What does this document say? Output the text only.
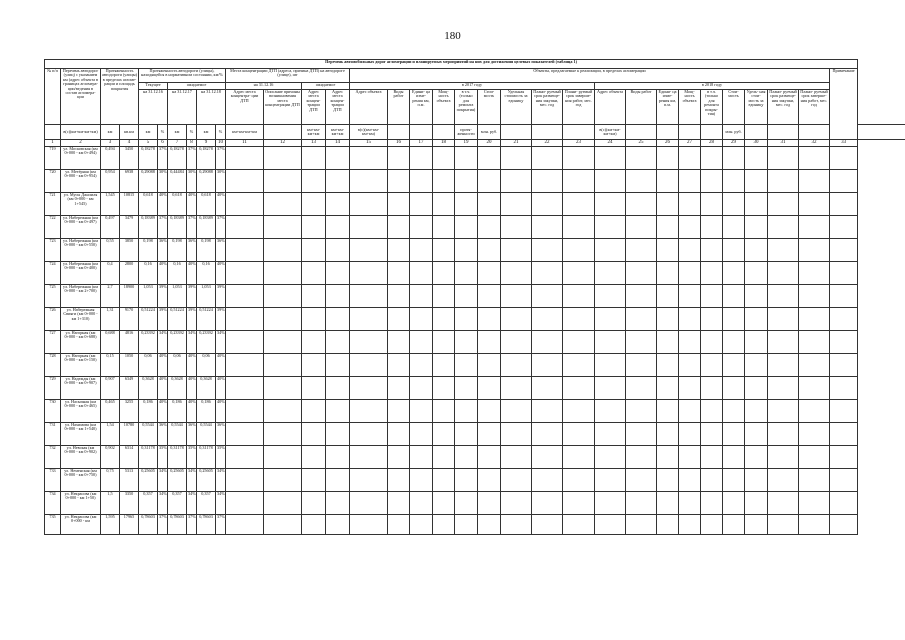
180
Перечень автомобильных дорог агломерации и планируемых мероприятий на них для достижения целевых показателей (таблица 1)																																	
№ п/п	Перечень автодорог (улиц) с указанием км (адрес объекта в границах агломера- ции/ведения в состав агломера- ции	Протяженность автодороги (улицы) в пределах агломе- рации и площадь покрытия		Протяженность автодороги (улицы), находящейся в нормативном состоянии, км/%						Места концентрации ДТП (адреса, причина ДТП) на автодороге (улице), шт				Объекты, предлагаемые к реализации, в пределах агломерации																		Примечание	
				Текущее		ожидаемое				на 31.12.16		ожидаемое		в 2017 году									в 2018 году										
				на 31.12.16		на 31.12.17		на 31.12.18		Адрес места концентра- ции ДТП	Описание причины возникновения места концентрации ДТП	Адрес места концен- трации ДТП	Адрес места концен- трации ДТП	Адрес объекта	Виды работ	Едини- ца изме- рения км, п.м.	Мощ- ность объекта	в т.ч. (только для ремонта покрытия)	Стои- мость	Удельная стоимость за единицу	Плани- руемый срок размеще- ния закупки, мес. год	Плани- руемый срок заверше- ния работ, мес. год	Адрес объекта	Виды работ	Едини- ца изме- рения км, п.м.	Мощ- ность объекта	в т.ч. (только для ремонта покры- тия)	Стои- мость	Удель- ная стои- мость за единицу	Плани- руемый срок размеще- ния закупки, мес. год	Плани- руемый срок заверше- ния работ, мес. год		
	в(с)(км+км-км+км)	км	кв.км	км	%	км	%	км	%	км+км-км+км		км+км-км+км	км+км-км+км	в(с)(км+км- км+км)				протя- женности	млн. руб.				в(с)(км+км- км+км)					млн. руб.					
1	2	3	4	5	6	7	8	9	10	11	12	13	14	15	16	17	18	19	20	21	22	23	24	25	26	27	28	29	30	31	32	33	
719	ул. Московская (км 0+000 - км 0+494)	0,494	3450	0,18278	37%	0,18278	37%	0,18278	37%																								
720	ул. Метёрная (км 0+000 - км 0+954)	0,954	6938	0,29088	30%	0,44484	30%	0,29088	30%																								
721	ул. Мусы Джалиля (км 0+000 - км 1+545)	1,545	10815	0,618	40%	0,618	40%	0,618	40%																								
722	ул. Набережная (км 0+000 - км 0+497)	0,497	3479	0,18389	37%	0,18389	37%	0,18389	37%																								
723	ул. Набережная (км 0+000 - км 0+550)	0,55	3850	0,198	36%	0,198	36%	0,198	36%																								
724	ул. Набережная (км 0+000 - км 0+400)	0,4	2800	0,16	40%	0,16	40%	0,16	40%																								
725	ул. Набережная (км 0+000 - км 2+700)	2,7	18900	1,053	39%	1,053	39%	1,053	39%																								
726	ул. Набережная Свияги (км 0+000 - км 1+310)	1,31	9170	0,51224	39%	0,51224	39%	0,51224	39%																								
727	ул. Нагорная (км 0+000 - км 0+688)	0,688	4816	0,23392	34%	0,23392	34%	0,23392	34%																								
728	ул. Нагорная (км 0+000 - км 0+150)	0,15	1050	0,06	40%	0,06	40%	0,06	40%																								
729	ул. Надежды (км 0+000 - км 0+907)	0,907	6349	0,3628	40%	0,3628	40%	0,3628	40%																								
730	ул. Насыпная (км 0+000 - км 0+465)	0,465	3255	0,186	40%	0,186	40%	0,186	40%																								
731	ул. Нахимова (км 0+000 - км 1+540)	1,54	10780	0,5544	36%	0,5544	36%	0,5544	36%																								
732	ул. Невская (км 0+000 - км 0+902)	0,902	6314	0,31178	35%	0,31178	35%	0,31178	35%																								
733	ул. Неменская (км 0+000 - км 0+750)	0,75	5313	0,25605	34%	0,25605	34%	0,25605	34%																								
734	ул. Некрасова (км 0+000 - км 1+50)	1,5	3350	0,357	34%	0,357	34%	0,357	34%																								
735	ул. Некрасова (км 0+000 - км	1,595	17965	0,78603	37%	0,78603	37%	0,78603	37%																								
